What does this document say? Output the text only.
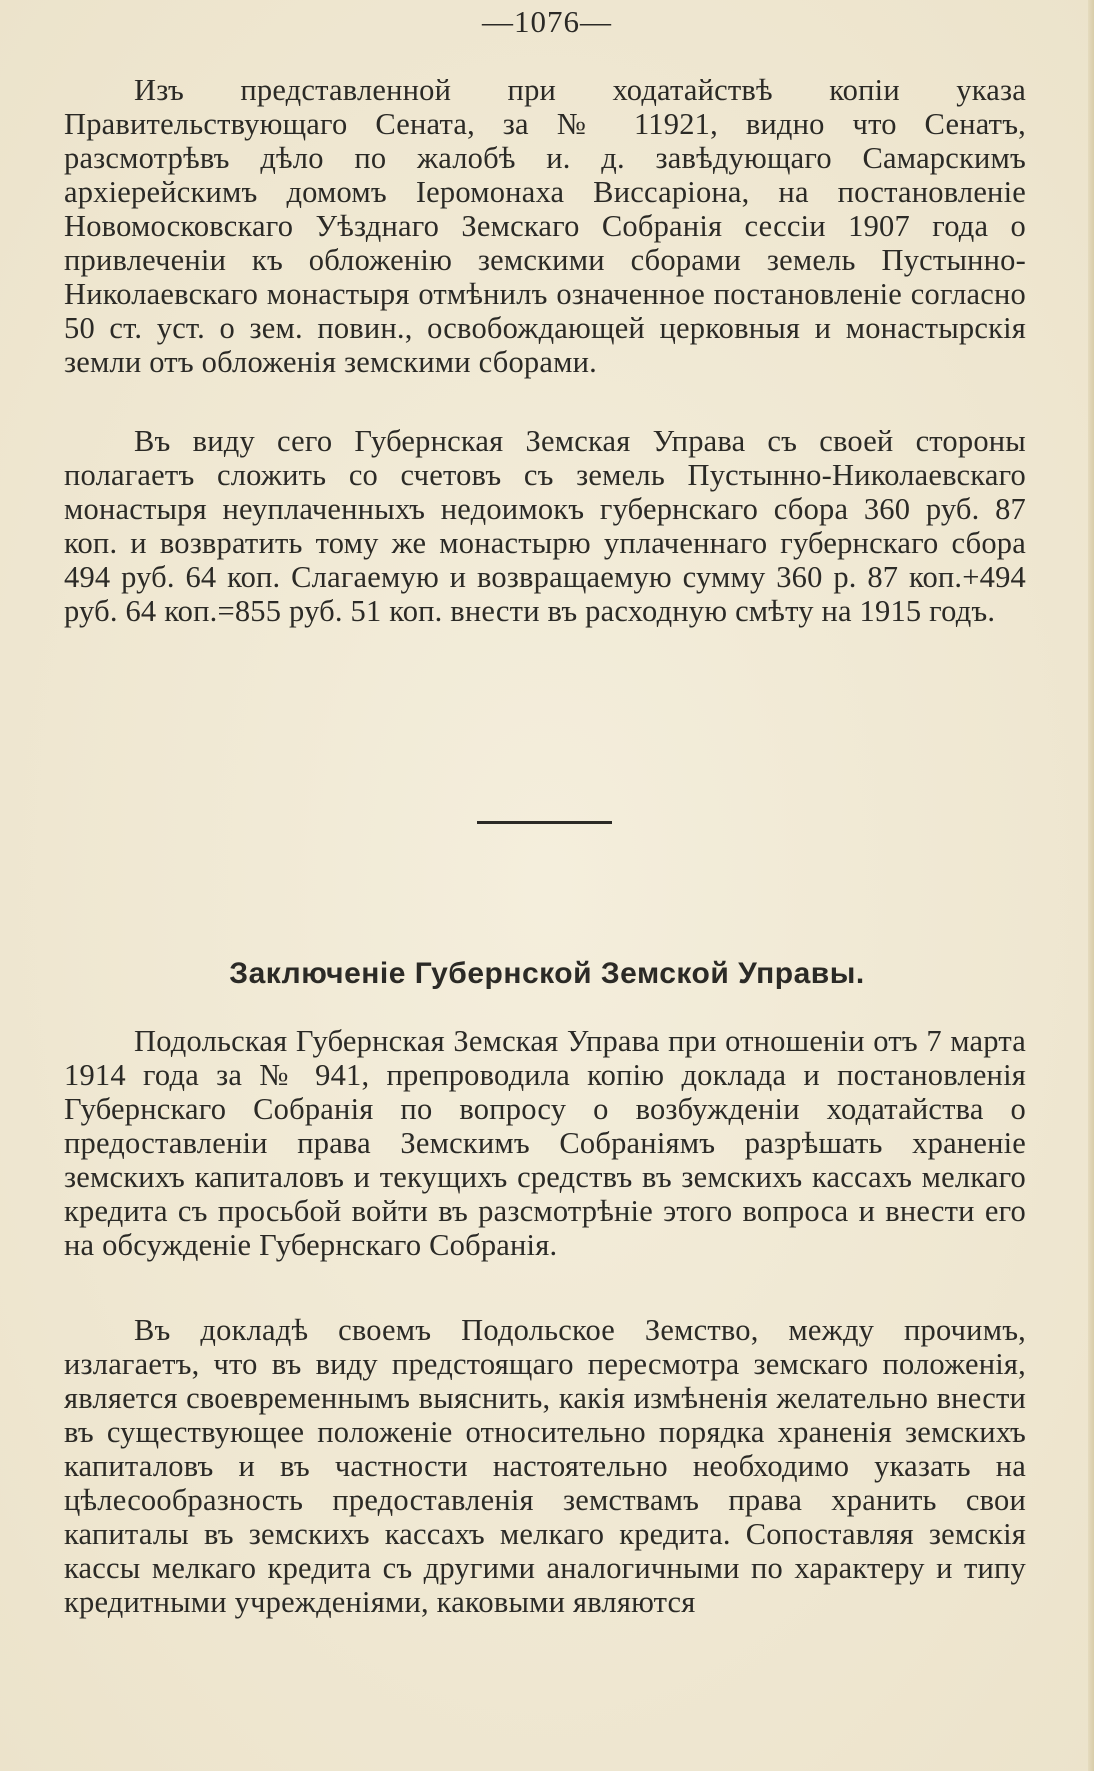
—1076—

Изъ представленной при ходатайствѣ копіи указа Правительствующаго Сената, за № 11921, видно что Сенатъ, разсмотрѣвъ дѣло по жалобѣ и. д. завѣдующаго Самарскимъ архіерейскимъ домомъ Іеромонаха Виссаріона, на постановленіе Новомосковскаго Уѣзднаго Земскаго Собранія сессіи 1907 года о привлеченіи къ обложенію земскими сборами земель Пустынно-Николаевскаго монастыря отмѣнилъ означенное постановленіе согласно 50 ст. уст. о зем. повин., освобождающей церковныя и монастырскія земли отъ обложенія земскими сборами.

Въ виду сего Губернская Земская Управа съ своей стороны полагаетъ сложить со счетовъ съ земель Пустынно-Николаевскаго монастыря неуплаченныхъ недоимокъ губернскаго сбора 360 руб. 87 коп. и возвратить тому же монастырю уплаченнаго губернскаго сбора 494 руб. 64 коп. Слагаемую и возвращаемую сумму 360 р. 87 коп.+494 руб. 64 коп.=855 руб. 51 коп. внести въ расходную смѣту на 1915 годъ.

Заключеніе Губернской Земской Управы.

Подольская Губернская Земская Управа при отношеніи отъ 7 марта 1914 года за № 941, препроводила копію доклада и постановленія Губернскаго Собранія по вопросу о возбужденіи ходатайства о предоставленіи права Земскимъ Собраніямъ разрѣшать храненіе земскихъ капиталовъ и текущихъ средствъ въ земскихъ кассахъ мелкаго кредита съ просьбой войти въ разсмотрѣніе этого вопроса и внести его на обсужденіе Губернскаго Собранія.

Въ докладѣ своемъ Подольское Земство, между прочимъ, излагаетъ, что въ виду предстоящаго пересмотра земскаго положенія, является своевременнымъ выяснить, какія измѣненія желательно внести въ существующее положеніе относительно порядка храненія земскихъ капиталовъ и въ частности настоятельно необходимо указать на цѣлесообразность предоставленія земствамъ права хранить свои капиталы въ земскихъ кассахъ мелкаго кредита. Сопоставляя земскія кассы мелкаго кредита съ другими аналогичными по характеру и типу кредитными учрежденіями, каковыми являются
